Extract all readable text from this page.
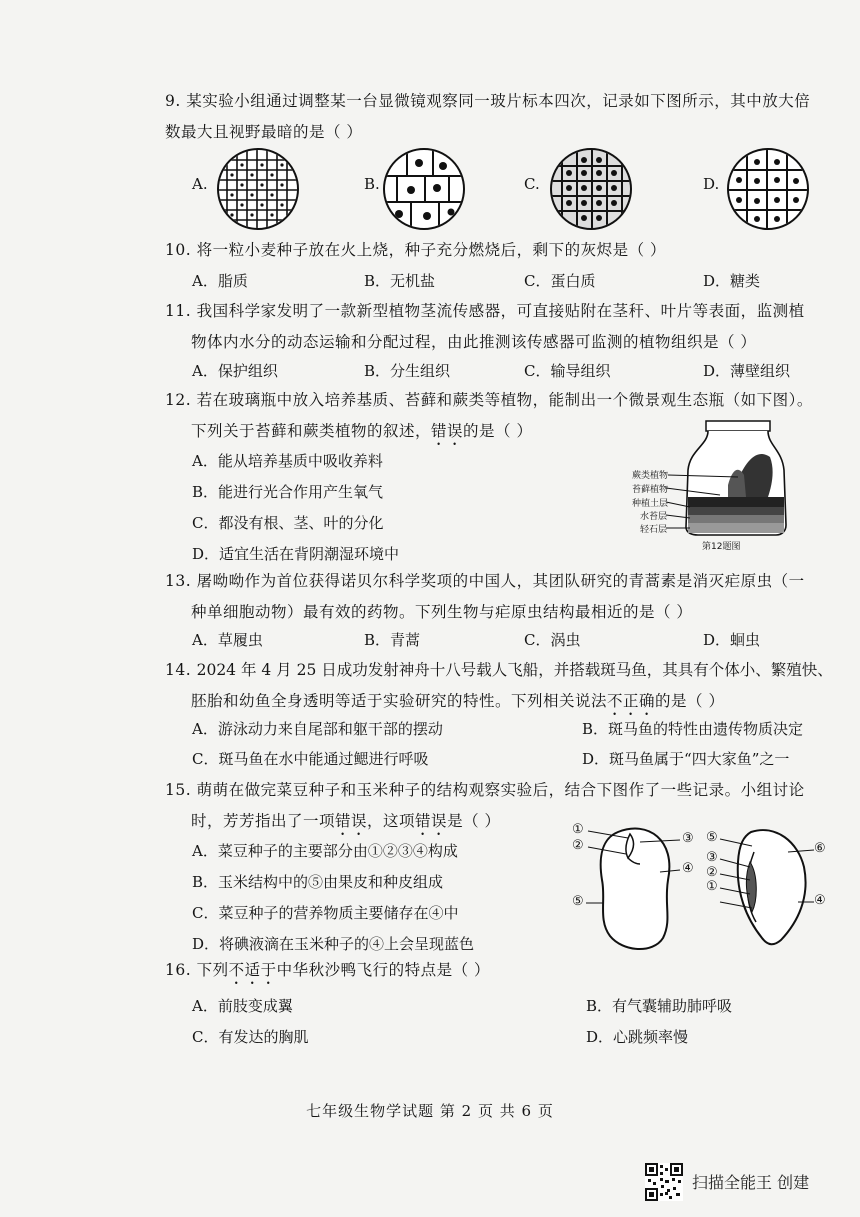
9. 某实验小组通过调整某一台显微镜观察同一玻片标本四次，记录如下图所示，其中放大倍
数最大且视野最暗的是（ ）
A.	B.	C.	D.
10. 将一粒小麦种子放在火上烧，种子充分燃烧后，剩下的灰烬是（ ）
A．脂质	B．无机盐	C．蛋白质	D．糖类
11. 我国科学家发明了一款新型植物茎流传感器，可直接贴附在茎秆、叶片等表面，监测植
物体内水分的动态运输和分配过程，由此推测该传感器可监测的植物组织是（ ）
A．保护组织	B．分生组织	C．输导组织	D．薄壁组织
12. 若在玻璃瓶中放入培养基质、苔藓和蕨类等植物，能制出一个微景观生态瓶（如下图）。
下列关于苔藓和蕨类植物的叙述，错误的是（ ）
A．能从培养基质中吸收养料
B．能进行光合作用产生氧气
C．都没有根、茎、叶的分化
D．适宜生活在背阴潮湿环境中
蕨类植物
苔藓植物
种植土层
水苔层
轻石层
第12题图
13. 屠呦呦作为首位获得诺贝尔科学奖项的中国人，其团队研究的青蒿素是消灭疟原虫（一
种单细胞动物）最有效的药物。下列生物与疟原虫结构最相近的是（ ）
A．草履虫	B．青蒿	C．涡虫	D．蛔虫
14. 2024 年 4 月 25 日成功发射神舟十八号载人飞船，并搭载斑马鱼，其具有个体小、繁殖快、
胚胎和幼鱼全身透明等适于实验研究的特性。下列相关说法不正确的是（ ）
A．游泳动力来自尾部和躯干部的摆动	B．斑马鱼的特性由遗传物质决定
C．斑马鱼在水中能通过鳃进行呼吸	D．斑马鱼属于“四大家鱼”之一
15. 萌萌在做完菜豆种子和玉米种子的结构观察实验后，结合下图作了一些记录。小组讨论
时，芳芳指出了一项错误，这项错误是（ ）
A．菜豆种子的主要部分由①②③④构成
B．玉米结构中的⑤由果皮和种皮组成
C．菜豆种子的营养物质主要储存在④中
D．将碘液滴在玉米种子的④上会呈现蓝色
①
②	③
④
⑤
⑤
③
②
①
⑥
④
16. 下列不适于中华秋沙鸭飞行的特点是（ ）
A．前肢变成翼	B．有气囊辅助肺呼吸
C．有发达的胸肌	D．心跳频率慢
七年级生物学试题 第 2 页 共 6 页
扫描全能王 创建
